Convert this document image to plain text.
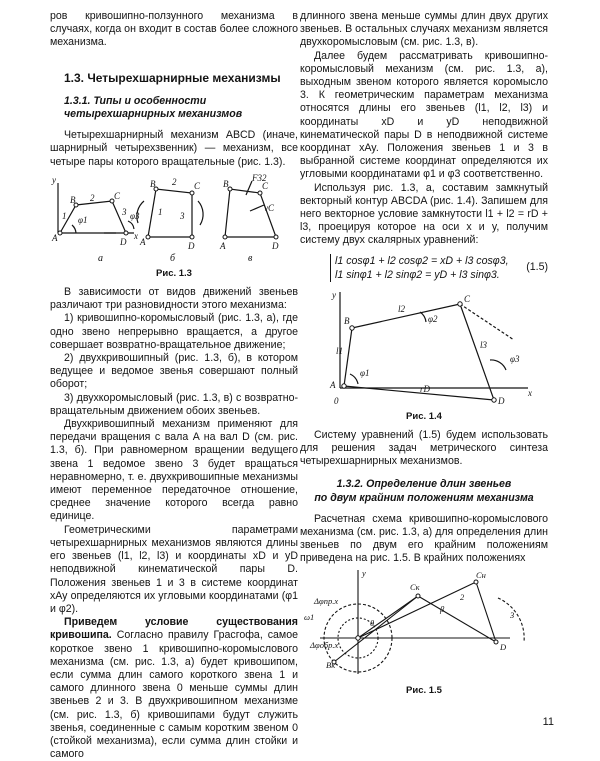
ров кривошипно-ползунного механизма в случаях, когда он входит в состав более сложного механизма.

1.3. Четырехшарнирные механизмы

1.3.1. Типы и особенности

четырехшарнирных механизмов

Четырехшарнирный механизм ABCD (иначе, шарнирный четырехзвенник) — механизм, все четыре пары которого вращательные (рис. 1.3).

y
A
B	C
D
x
φ1	φ3
2
1	3
A
B	C
D
2
1 3
A
B	C
D
F32
vC
а	б	в

Рис. 1.3

В зависимости от видов движений звеньев различают три разновидности этого механизма:

1) кривошипно-коромысловый (рис. 1.3, а), где одно звено непрерывно вращается, а другое совершает возвратно-вращательное движение;

2) двухкривошипный (рис. 1.3, б), в котором ведущее и ведомое звенья совершают полный оборот;

3) двухкоромысловый (рис. 1.3, в) с возвратно-вращательным движением обоих звеньев.

Двухкривошипный механизм применяют для передачи вращения с вала A на вал D (см. рис. 1.3, б). При равномерном вращении ведущего звена 1 ведомое звено 3 будет вращаться неравномерно, т. е. двухкривошипные механизмы имеют переменное передаточное отношение, среднее значение которого всегда равно единице.

Геометрическими параметрами четырехшарнирных механизмов являются длины его звеньев (l1, l2, l3) и координаты xD и yD неподвижной кинематической пары D. Положения звеньев 1 и 3 в системе координат xAy определяются их угловыми координатами (φ1 и φ2).

Приведем условие существования кривошипа. Согласно правилу Грасгофа, самое короткое звено 1 кривошипно-коромыслового механизма (см. рис. 1.3, а) будет кривошипом, если сумма длин самого короткого звена 1 и самого длинного звена 0 меньше суммы длин звеньев 2 и 3. В двухкривошипном механизме (см. рис. 1.3, б) кривошипами будут служить звенья, соединенные с самым коротким звеном 0 (стойкой механизма), если сумма длин стойки и самого

длинного звена меньше суммы длин двух других звеньев. В остальных случаях механизм является двухкоромысловым (см. рис. 1.3, в).

Далее будем рассматривать кривошипно-коромысловый механизм (см. рис. 1.3, а), выходным звеном которого является коромысло 3. К геометрическим параметрам механизма относятся длины его звеньев (l1, l2, l3) и координаты xD и yD неподвижной кинематической пары D в неподвижной системе координат xAy. Положения звеньев 1 и 3 в выбранной системе координат определяются их угловыми координатами φ1 и φ3 соответственно.

Используя рис. 1.3, а, составим замкнутый векторный контур ABCDA (рис. 1.4). Запишем для него векторное условие замкнутости l1 + l2 = rD + l3, проецируя которое на оси x и y, получим систему двух скалярных уравнений:

l1 cosφ1 + l2 cosφ2 = xD + l3 cosφ3,
l1 sinφ1 + l2 sinφ2 = yD + l3 sinφ3.
(1.5)
y
A
0
x
B
C
D
l1
l2
l3
rD
φ1
φ2
φ3

Рис. 1.4

Систему уравнений (1.5) будем использовать для решения задач метрического синтеза четырехшарнирных механизмов.

1.3.2. Определение длин звеньев

по двум крайним положениям механизма

Расчетная схема кривошипно-коромыслового механизма (см. рис. 1.3, а) для определения длин звеньев по двум его крайним положениям приведена на рис. 1.5. В крайних положениях

y
Cк
Cн
D
Bк
ω1
Δφпр.х
Δφобр.х
β
3
2
θ

Рис. 1.5

11
